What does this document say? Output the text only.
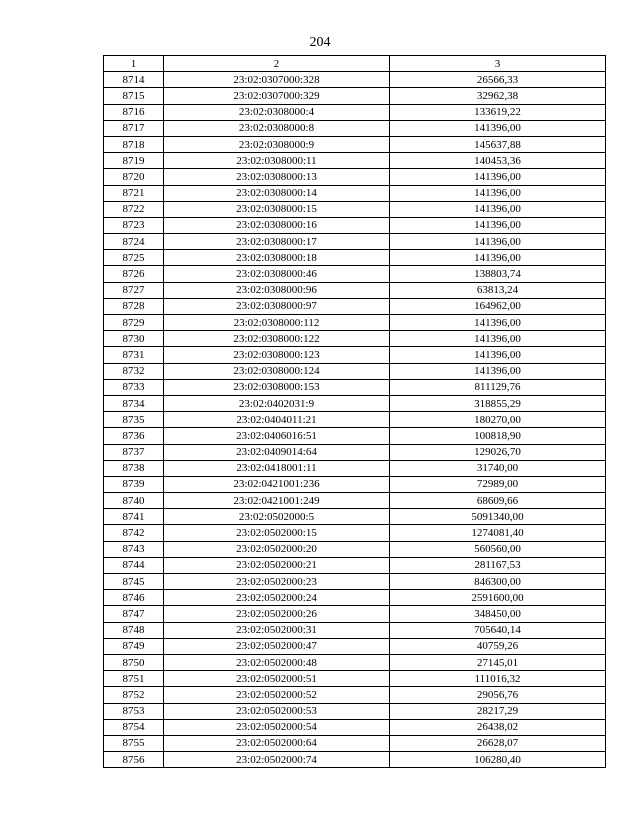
204
1	2	3
8714	23:02:0307000:328	26566,33
8715	23:02:0307000:329	32962,38
8716	23:02:0308000:4	133619,22
8717	23:02:0308000:8	141396,00
8718	23:02:0308000:9	145637,88
8719	23:02:0308000:11	140453,36
8720	23:02:0308000:13	141396,00
8721	23:02:0308000:14	141396,00
8722	23:02:0308000:15	141396,00
8723	23:02:0308000:16	141396,00
8724	23:02:0308000:17	141396,00
8725	23:02:0308000:18	141396,00
8726	23:02:0308000:46	138803,74
8727	23:02:0308000:96	63813,24
8728	23:02:0308000:97	164962,00
8729	23:02:0308000:112	141396,00
8730	23:02:0308000:122	141396,00
8731	23:02:0308000:123	141396,00
8732	23:02:0308000:124	141396,00
8733	23:02:0308000:153	811129,76
8734	23:02:0402031:9	318855,29
8735	23:02:0404011:21	180270,00
8736	23:02:0406016:51	100818,90
8737	23:02:0409014:64	129026,70
8738	23:02:0418001:11	31740,00
8739	23:02:0421001:236	72989,00
8740	23:02:0421001:249	68609,66
8741	23:02:0502000:5	5091340,00
8742	23:02:0502000:15	1274081,40
8743	23:02:0502000:20	560560,00
8744	23:02:0502000:21	281167,53
8745	23:02:0502000:23	846300,00
8746	23:02:0502000:24	2591600,00
8747	23:02:0502000:26	348450,00
8748	23:02:0502000:31	705640,14
8749	23:02:0502000:47	40759,26
8750	23:02:0502000:48	27145,01
8751	23:02:0502000:51	111016,32
8752	23:02:0502000:52	29056,76
8753	23:02:0502000:53	28217,29
8754	23:02:0502000:54	26438,02
8755	23:02:0502000:64	26628,07
8756	23:02:0502000:74	106280,40
